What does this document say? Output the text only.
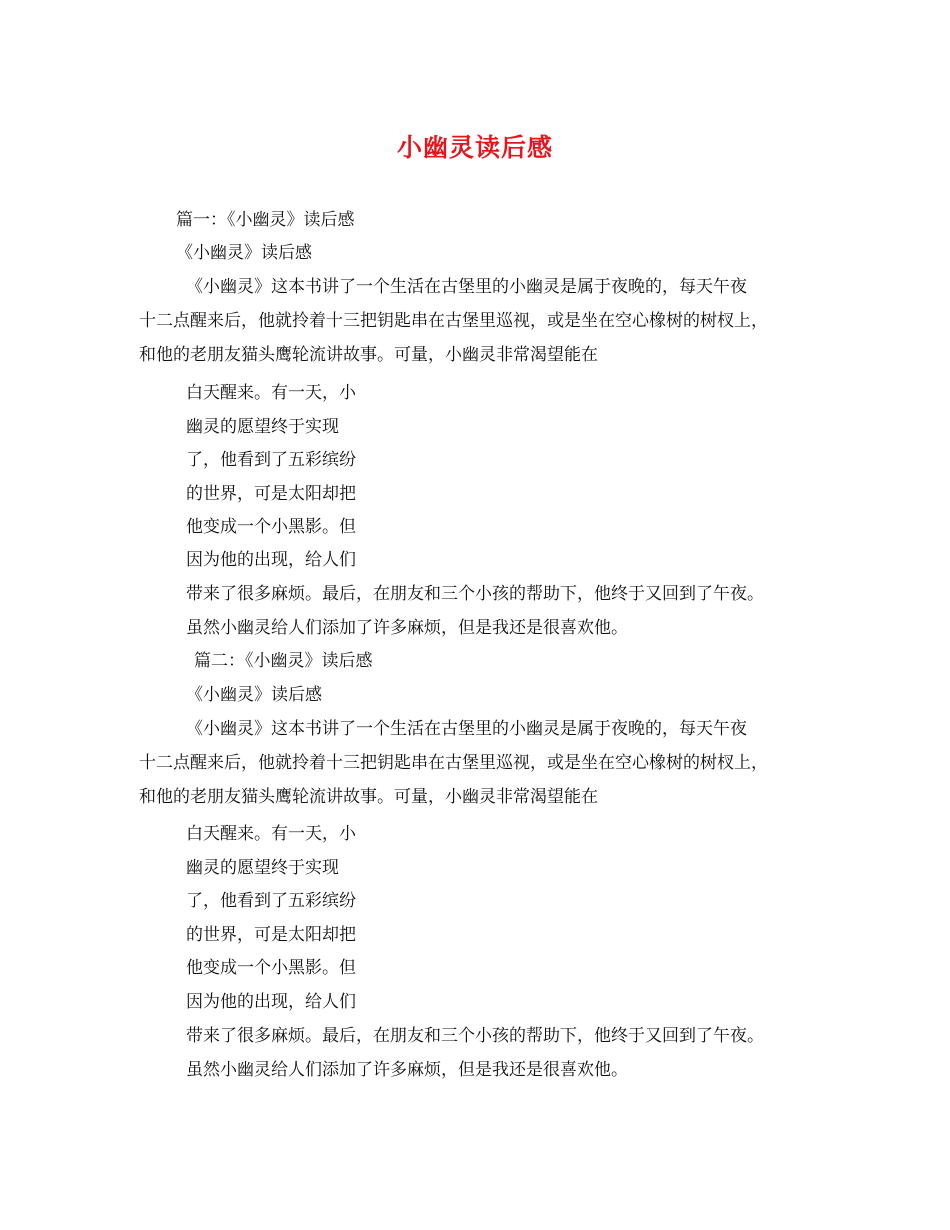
小幽灵读后感
篇一：《小幽灵》读后感
《小幽灵》读后感
《小幽灵》这本书讲了一个生活在古堡里的小幽灵是属于夜晚的，每天午夜
十二点醒来后，他就拎着十三把钥匙串在古堡里巡视，或是坐在空心橡树的树杈上，
和他的老朋友猫头鹰轮流讲故事。可量，小幽灵非常渴望能在
白天醒来。有一天，小
幽灵的愿望终于实现
了，他看到了五彩缤纷
的世界，可是太阳却把
他变成一个小黑影。但
因为他的出现，给人们
带来了很多麻烦。最后，在朋友和三个小孩的帮助下，他终于又回到了午夜。
虽然小幽灵给人们添加了许多麻烦，但是我还是很喜欢他。
篇二：《小幽灵》读后感
《小幽灵》读后感
《小幽灵》这本书讲了一个生活在古堡里的小幽灵是属于夜晚的，每天午夜
十二点醒来后，他就拎着十三把钥匙串在古堡里巡视，或是坐在空心橡树的树杈上，
和他的老朋友猫头鹰轮流讲故事。可量，小幽灵非常渴望能在
白天醒来。有一天，小
幽灵的愿望终于实现
了，他看到了五彩缤纷
的世界，可是太阳却把
他变成一个小黑影。但
因为他的出现，给人们
带来了很多麻烦。最后，在朋友和三个小孩的帮助下，他终于又回到了午夜。
虽然小幽灵给人们添加了许多麻烦，但是我还是很喜欢他。
